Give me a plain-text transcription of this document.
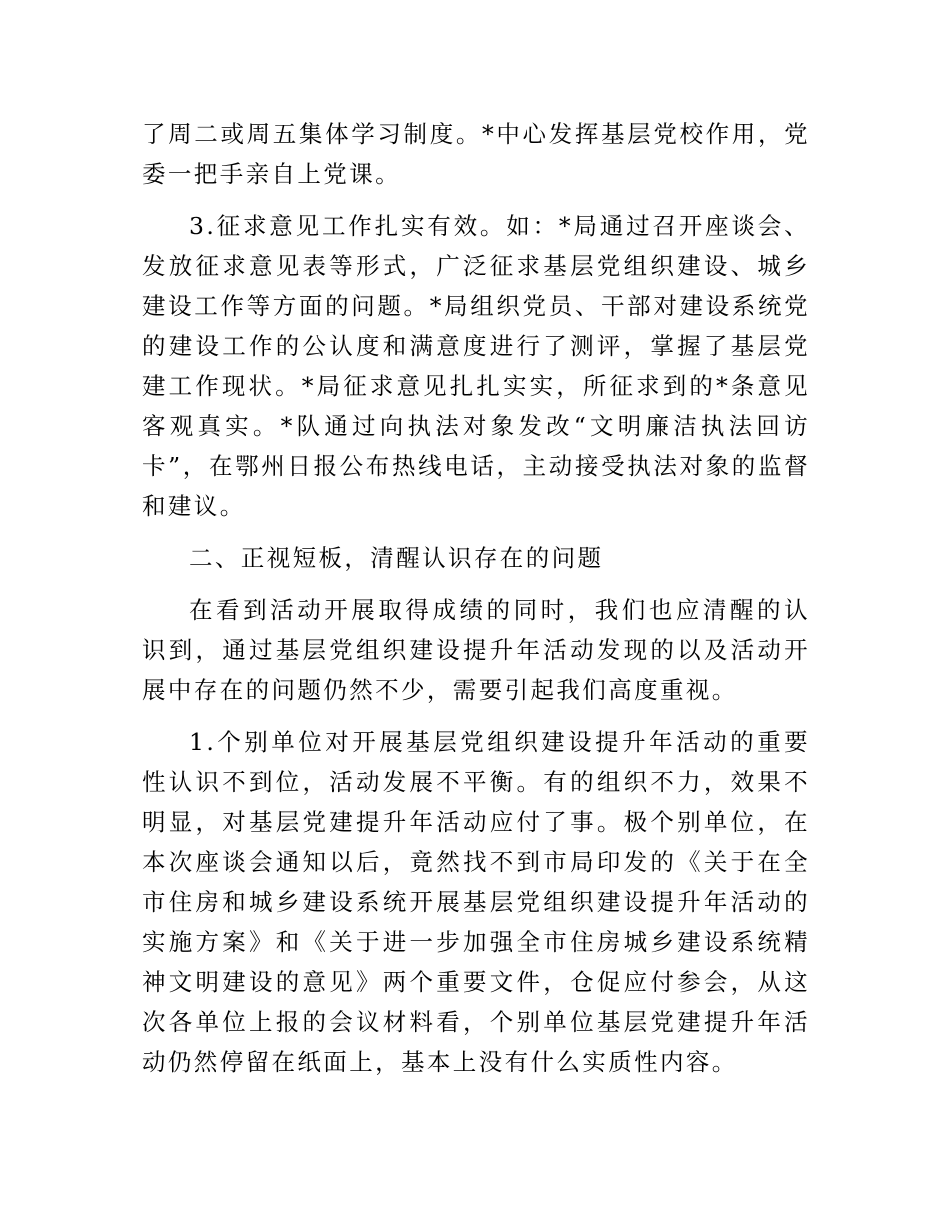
了周二或周五集体学习制度。*中心发挥基层党校作用，党委一把手亲自上党课。

3.征求意见工作扎实有效。如：*局通过召开座谈会、发放征求意见表等形式，广泛征求基层党组织建设、城乡建设工作等方面的问题。*局组织党员、干部对建设系统党的建设工作的公认度和满意度进行了测评，掌握了基层党建工作现状。*局征求意见扎扎实实，所征求到的*条意见客观真实。*队通过向执法对象发改“文明廉洁执法回访卡”，在鄂州日报公布热线电话，主动接受执法对象的监督和建议。

二、正视短板，清醒认识存在的问题

在看到活动开展取得成绩的同时，我们也应清醒的认识到，通过基层党组织建设提升年活动发现的以及活动开展中存在的问题仍然不少，需要引起我们高度重视。

1.个别单位对开展基层党组织建设提升年活动的重要性认识不到位，活动发展不平衡。有的组织不力，效果不明显，对基层党建提升年活动应付了事。极个别单位，在本次座谈会通知以后，竟然找不到市局印发的《关于在全市住房和城乡建设系统开展基层党组织建设提升年活动的实施方案》和《关于进一步加强全市住房城乡建设系统精神文明建设的意见》两个重要文件，仓促应付参会，从这次各单位上报的会议材料看，个别单位基层党建提升年活动仍然停留在纸面上，基本上没有什么实质性内容。
